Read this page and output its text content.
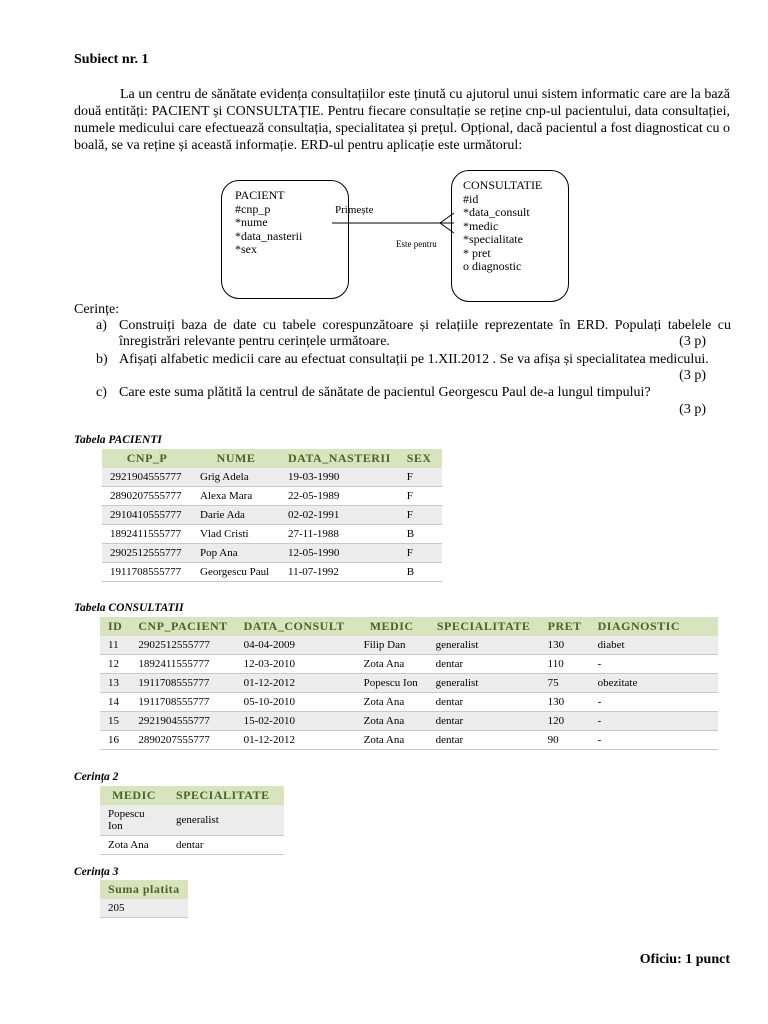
Subiect nr. 1
La un centru de sănătate evidența consultațiilor este ținută cu ajutorul unui sistem informatic care are la bază două entități: PACIENT și CONSULTAȚIE. Pentru fiecare consultație se reține cnp-ul pacientului, data consultației, numele medicului care efectuează consultația, specialitatea și prețul. Opțional, dacă pacientul a fost diagnosticat cu o boală, se va reține și această informație. ERD-ul pentru aplicație este următorul:
PACIENT
#cnp_p
*nume
*data_nasterii
*sex
CONSULTATIE
#id
*data_consult
*medic
*specialitate
* pret
o diagnostic
Primește
Este pentru
Cerințe:
a) Construiți baza de date cu tabele corespunzătoare și relațiile reprezentate în ERD. Populați tabelele cu înregistrări relevante pentru cerințele următoare.	(3 p)
b) Afișați alfabetic medicii care au efectuat consultații pe 1.XII.2012 . Se va afișa și specialitatea medicului.
(3 p)
c) Care este suma plătită la centrul de sănătate de pacientul Georgescu Paul de-a lungul timpului?
(3 p)
Tabela PACIENTI
CNP_P	NUME	DATA_NASTERII	SEX
2921904555777	Grig Adela	19-03-1990	F
2890207555777	Alexa Mara	22-05-1989	F
2910410555777	Darie Ada	02-02-1991	F
1892411555777	Vlad Cristi	27-11-1988	B
2902512555777	Pop Ana	12-05-1990	F
1911708555777	Georgescu Paul	11-07-1992	B
Tabela CONSULTATII
ID	CNP_PACIENT	DATA_CONSULT	MEDIC	SPECIALITATE	PRET	DIAGNOSTIC
11	2902512555777	04-04-2009	Filip Dan	generalist	130	diabet
12	1892411555777	12-03-2010	Zota Ana	dentar	110	-
13	1911708555777	01-12-2012	Popescu Ion	generalist	75	obezitate
14	1911708555777	05-10-2010	Zota Ana	dentar	130	-
15	2921904555777	15-02-2010	Zota Ana	dentar	120	-
16	2890207555777	01-12-2012	Zota Ana	dentar	90	-
Cerința 2
MEDIC	SPECIALITATE
Popescu Ion	generalist
Zota Ana	dentar
Cerința 3
Suma platita
205
Oficiu: 1 punct
